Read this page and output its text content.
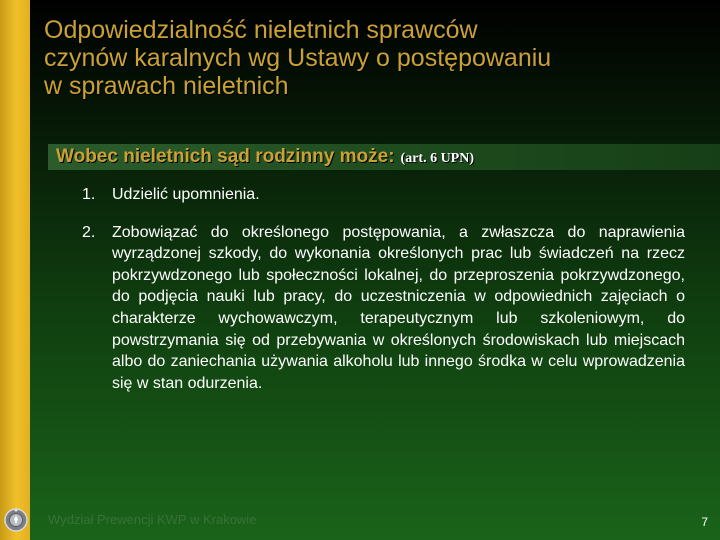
Odpowiedzialność nieletnich sprawców
czynów karalnych wg Ustawy o postępowaniu
w sprawach nieletnich
Wobec nieletnich sąd rodzinny może: (art. 6 UPN)
1. Udzielić upomnienia.
2. Zobowiązać do określonego postępowania, a zwłaszcza do naprawienia wyrządzonej szkody, do wykonania określonych prac lub świadczeń na rzecz pokrzywdzonego lub społeczności lokalnej, do przeproszenia pokrzywdzonego, do podjęcia nauki lub pracy, do uczestniczenia w odpowiednich zajęciach o charakterze wychowawczym, terapeutycznym lub szkoleniowym, do powstrzymania się od przebywania w określonych środowiskach lub miejscach albo do zaniechania używania alkoholu lub innego środka w celu wprowadzenia się w stan odurzenia.
Wydział Prewencji KWP w Krakowie	7
